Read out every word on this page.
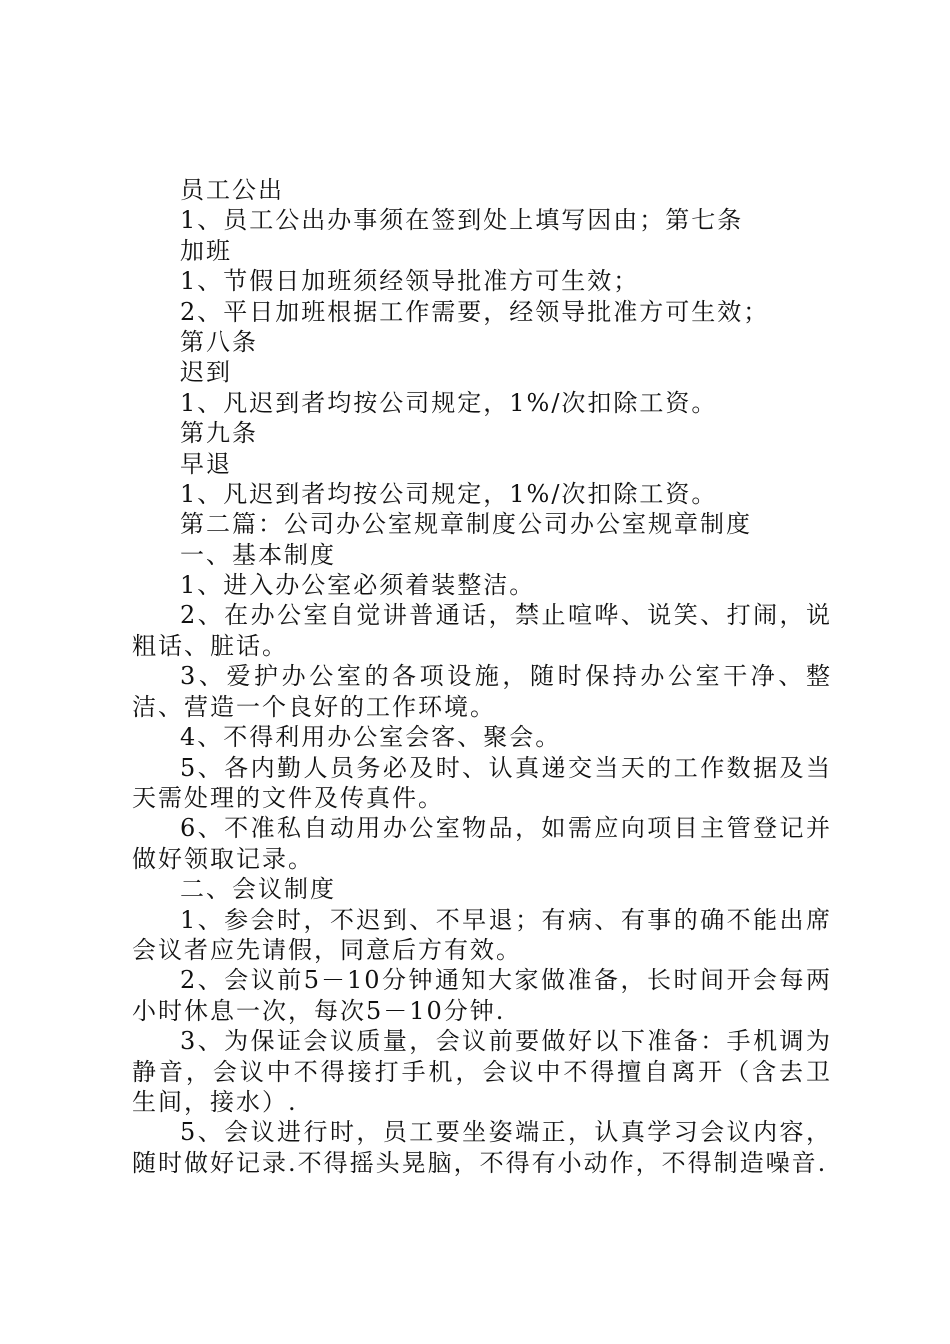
员工公出

1、员工公出办事须在签到处上填写因由；第七条

加班

1、节假日加班须经领导批准方可生效；

2、平日加班根据工作需要，经领导批准方可生效；

第八条

迟到

1、凡迟到者均按公司规定，1%/次扣除工资。

第九条

早退

1、凡迟到者均按公司规定，1%/次扣除工资。

第二篇：公司办公室规章制度公司办公室规章制度

一、基本制度

1、进入办公室必须着装整洁。

2、在办公室自觉讲普通话，禁止喧哗、说笑、打闹，说粗话、脏话。

3、爱护办公室的各项设施，随时保持办公室干净、整洁、营造一个良好的工作环境。

4、不得利用办公室会客、聚会。

5、各内勤人员务必及时、认真递交当天的工作数据及当天需处理的文件及传真件。

6、不准私自动用办公室物品，如需应向项目主管登记并做好领取记录。

二、会议制度

1、参会时，不迟到、不早退；有病、有事的确不能出席会议者应先请假，同意后方有效。

2、会议前5－10分钟通知大家做准备，长时间开会每两小时休息一次，每次5－10分钟.

3、为保证会议质量，会议前要做好以下准备：手机调为静音，会议中不得接打手机，会议中不得擅自离开（含去卫生间，接水）.

5、会议进行时，员工要坐姿端正，认真学习会议内容，随时做好记录.不得摇头晃脑，不得有小动作，不得制造噪音.
